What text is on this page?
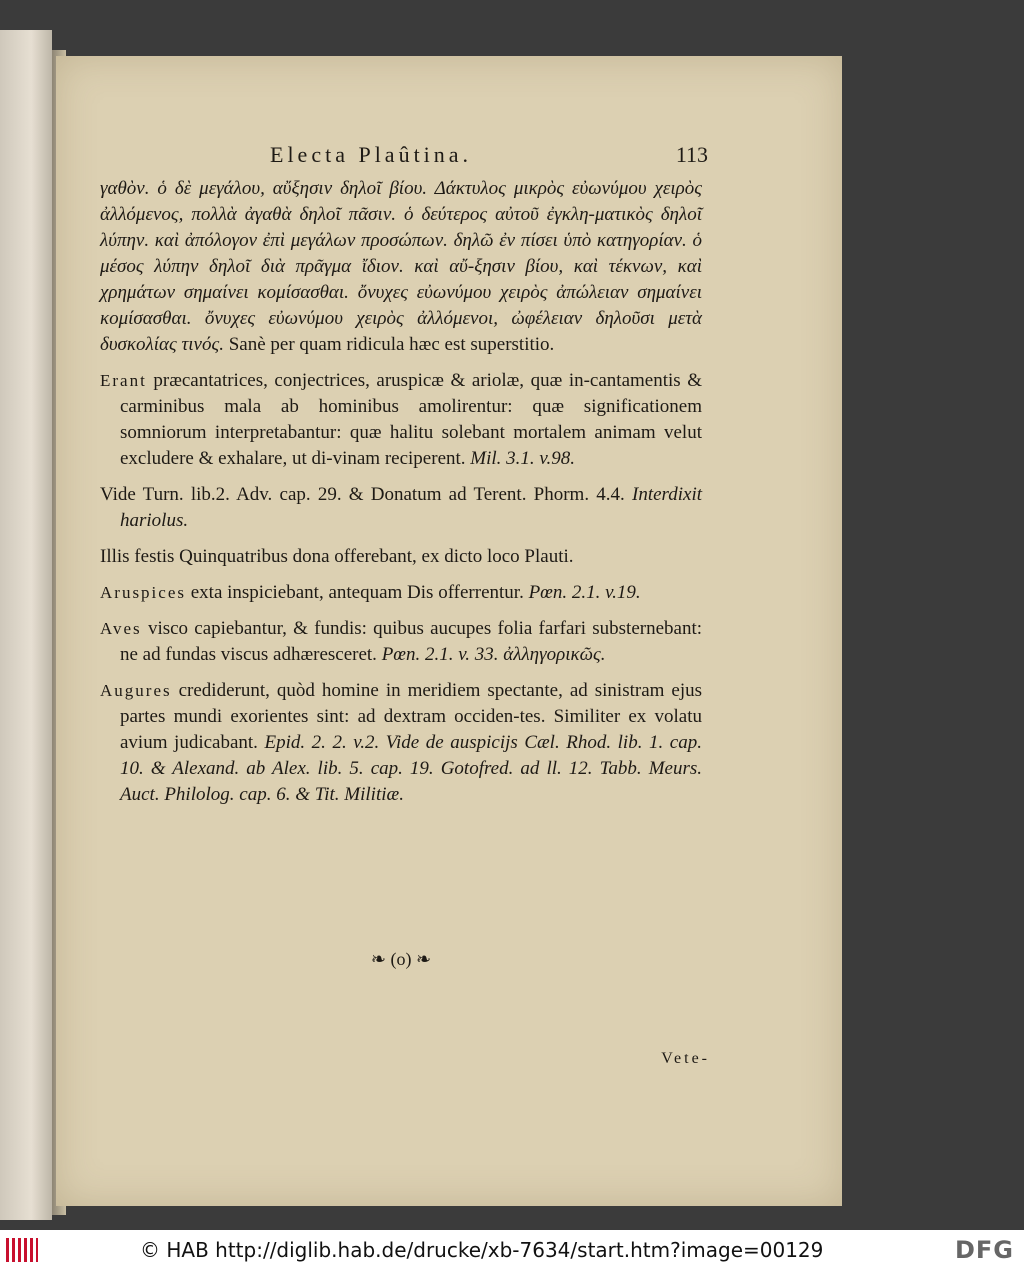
Electa Plaûtina.	113

γαθὸν. ὁ δὲ μεγάλου, αὔξησιν δηλοῖ βίου. Δάκτυλος μικρὸς εὐωνύμου χειρὸς ἀλλόμενος, πολλὰ ἀγαθὰ δηλοῖ πᾶσιν. ὁ δεύτερος αὐτοῦ ἐγκλη-ματικὸς δηλοῖ λύπην. καὶ ἀπόλογον ἐπὶ μεγάλων προσώπων. δηλῶ ἐν πίσει ὑπὸ κατηγορίαν. ὁ μέσος λύπην δηλοῖ διὰ πρᾶγμα ἴδιον. καὶ αὔ-ξησιν βίου, καὶ τέκνων, καὶ χρημάτων σημαίνει κομίσασθαι. ὄνυχες εὐωνύμου χειρὸς ἀπώλειαν σημαίνει κομίσασθαι. ὄνυχες εὐωνύμου χειρὸς ἀλλόμενοι, ὠφέλειαν δηλοῦσι μετὰ δυσκολίας τινός. Sanè per quam ridicula hæc est superstitio.

Erant præcantatrices, conjectrices, aruspicæ & ariolæ, quæ in-cantamentis & carminibus mala ab hominibus amolirentur: quæ significationem somniorum interpretabantur: quæ halitu solebant mortalem animam velut excludere & exhalare, ut di-vinam reciperent. Mil. 3.1. v.98.

Vide Turn. lib.2. Adv. cap. 29. & Donatum ad Terent. Phorm. 4.4. Interdixit hariolus.

Illis festis Quinquatribus dona offerebant, ex dicto loco Plauti.

Aruspices exta inspiciebant, antequam Dis offerrentur. Pœn. 2.1. v.19.

Aves visco capiebantur, & fundis: quibus aucupes folia farfari substernebant: ne ad fundas viscus adhæresceret. Pœn. 2.1. v. 33. ἀλληγορικῶς.

Augures crediderunt, quòd homine in meridiem spectante, ad sinistram ejus partes mundi exorientes sint: ad dextram occiden-tes. Similiter ex volatu avium judicabant. Epid. 2. 2. v.2. Vide de auspicijs Cæl. Rhod. lib. 1. cap. 10. & Alexand. ab Alex. lib. 5. cap. 19. Gotofred. ad ll. 12. Tabb. Meurs. Auct. Philolog. cap. 6. & Tit. Militiæ.

❧ (o) ❧
Vete-
© HAB http://diglib.hab.de/drucke/xb-7634/start.htm?image=00129	DFG
